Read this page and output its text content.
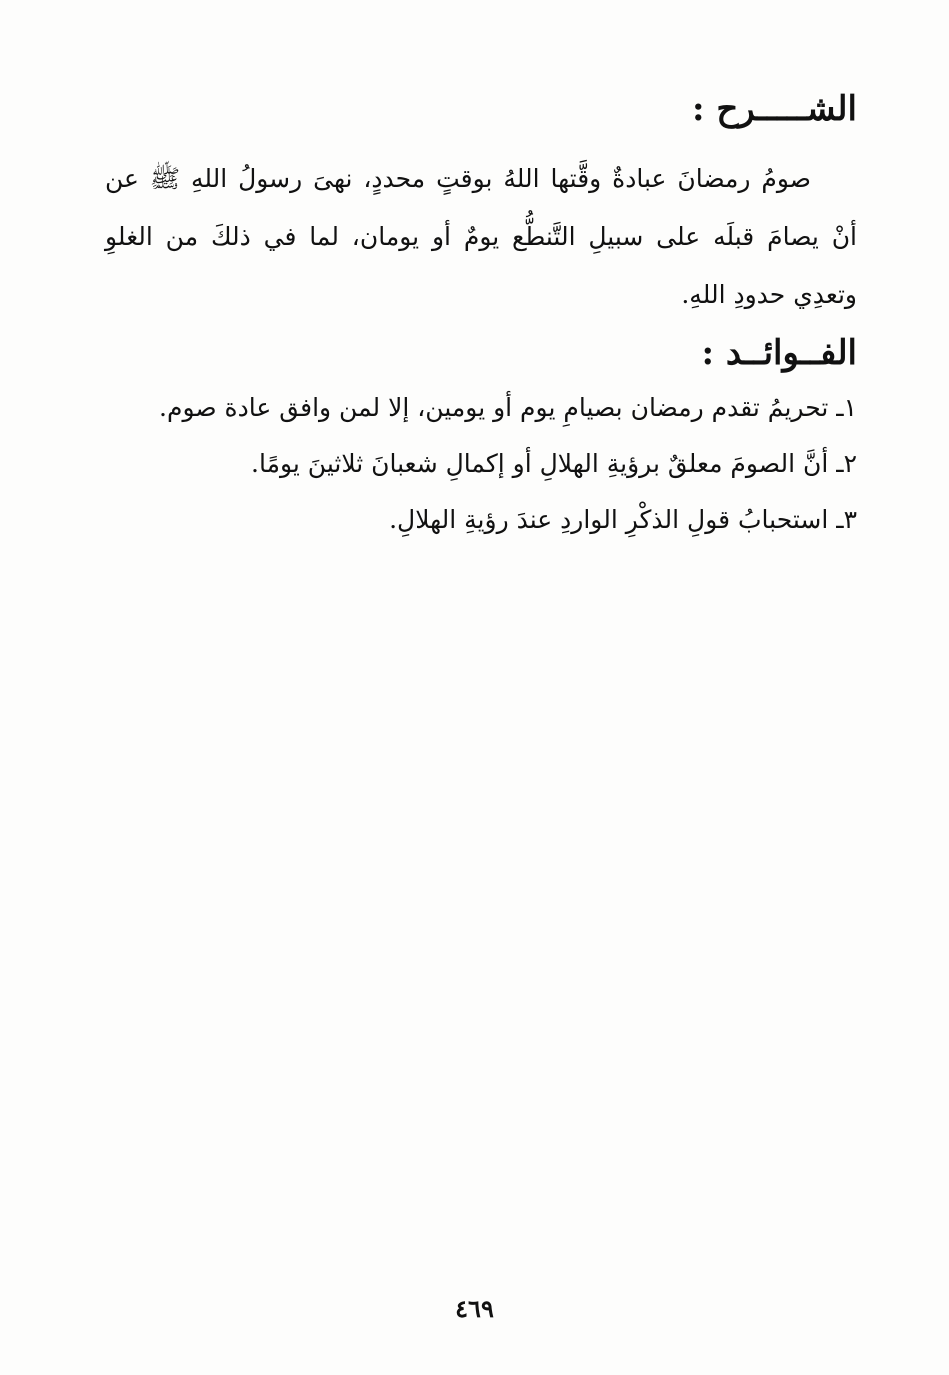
الشـــــرح :

صومُ رمضانَ عبادةٌ وقَّتها اللهُ بوقتٍ محددٍ، نهىَ رسولُ اللهِ ﷺ عن أنْ يصامَ قبلَه على سبيلِ التَّنطُّع يومٌ أو يومان، لما في ذلكَ من الغلوِ وتعدِي حدودِ اللهِ.

الفــوائــد :
١ـ تحريمُ تقدم رمضان بصيامِ يوم أو يومين، إلا لمن وافق عادة صوم.
٢ـ أنَّ الصومَ معلقٌ برؤيةِ الهلالِ أو إكمالِ شعبانَ ثلاثينَ يومًا.
٣ـ استحبابُ قولِ الذكْرِ الواردِ عندَ رؤيةِ الهلالِ.
٤٦٩
